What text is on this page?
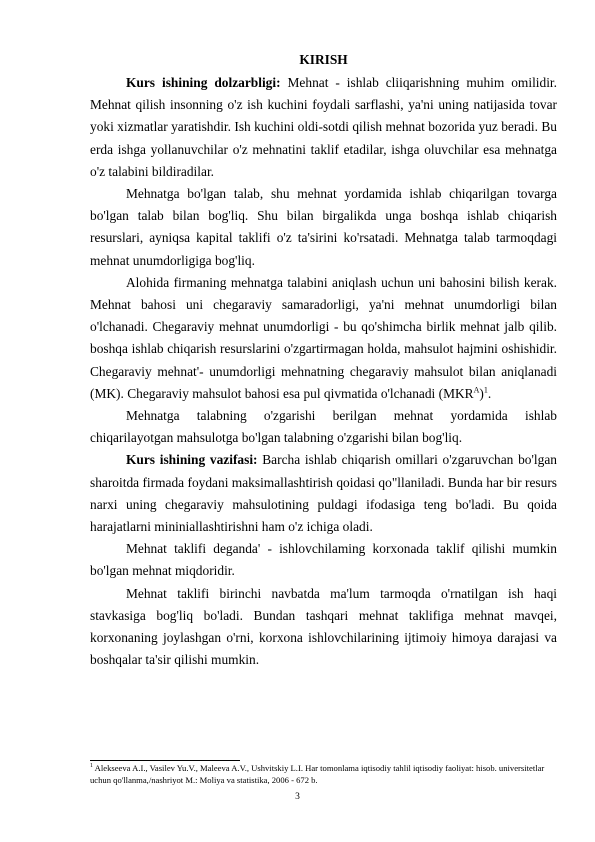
KIRISH

Kurs ishining dolzarbligi: Mehnat - ishlab cliiqarishning muhim omilidir. Mehnat qilish insonning o'z ish kuchini foydali sarflashi, ya'ni uning natijasida tovar yoki xizmatlar yaratishdir. Ish kuchini oldi-sotdi qilish mehnat bozorida yuz beradi. Bu erda ishga yollanuvchilar o'z mehnatini taklif etadilar, ishga oluvchilar esa mehnatga o'z talabini bildiradilar.

Mehnatga bo'lgan talab, shu mehnat yordamida ishlab chiqarilgan tovarga bo'lgan talab bilan bog'liq. Shu bilan birgalikda unga boshqa ishlab chiqarish resurslari, ayniqsa kapital taklifi o'z ta'sirini ko'rsatadi. Mehnatga talab tarmoqdagi mehnat unumdorligiga bog'liq.

Alohida firmaning mehnatga talabini aniqlash uchun uni bahosini bilish kerak. Mehnat bahosi uni chegaraviy samaradorligi, ya'ni mehnat unumdorligi bilan o'lchanadi. Chegaraviy mehnat unumdorligi - bu qo'shimcha birlik mehnat jalb qilib. boshqa ishlab chiqarish resurslarini o'zgartirmagan holda, mahsulot hajmini oshishidir. Chegaraviy mehnat'- unumdorligi mehnatning chegaraviy mahsulot bilan aniqlanadi (MK). Chegaraviy mahsulot bahosi esa pul qivmatida o'lchanadi $(MKR^A)^1$.

Mehnatga talabning o'zgarishi berilgan mehnat yordamida ishlab chiqarilayotgan mahsulotga bo'lgan talabning o'zgarishi bilan bog'liq.

Kurs ishining vazifasi: Barcha ishlab chiqarish omillari o'zgaruvchan bo'lgan sharoitda firmada foydani maksimallashtirish qoidasi qo"llaniladi. Bunda har bir resurs narxi uning chegaraviy mahsulotining puldagi ifodasiga teng bo'ladi. Bu qoida harajatlarni mininiallashtirishni ham o'z ichiga oladi.

Mehnat taklifi deganda' - ishlovchilaming korxonada taklif qilishi mumkin bo'lgan mehnat miqdoridir.

Mehnat taklifi birinchi navbatda ma'lum tarmoqda o'rnatilgan ish haqi stavkasiga bog'liq bo'ladi. Bundan tashqari mehnat taklifiga mehnat mavqei, korxonaning joylashgan o'rni, korxona ishlovchilarining ijtimoiy himoya darajasi va boshqalar ta'sir qilishi mumkin.

$^1$ Alekseeva A.I., Vasilev Yu.V., Maleeva A.V., Ushvitskiy L.I. Har tomonlama iqtisodiy tahlil iqtisodiy faoliyat: hisob. universitetlar uchun qo'llanma,/nashriyot M.: Moliya va statistika, 2006 - 672 b.
3
